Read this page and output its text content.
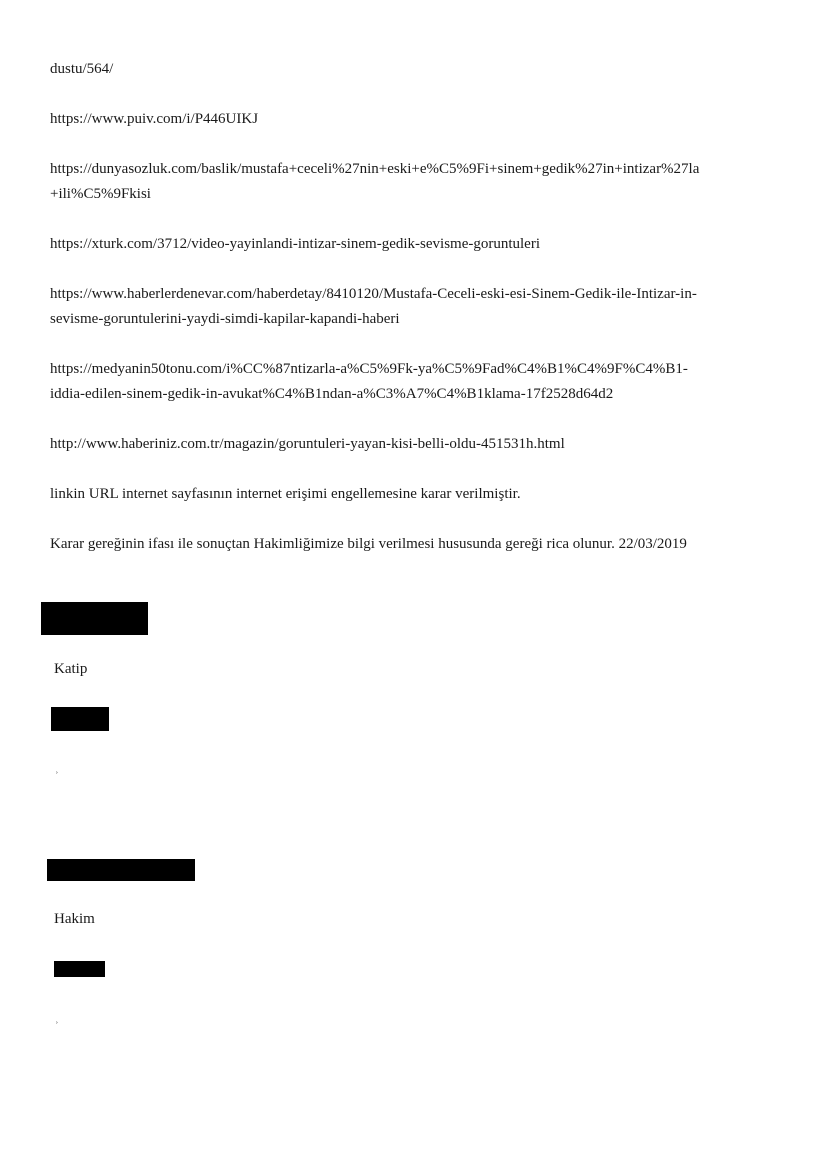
dustu/564/
https://www.puiv.com/i/P446UIKJ
https://dunyasozluk.com/baslik/mustafa+ceceli%27nin+eski+e%C5%9Fi+sinem+gedik%27in+intizar%27la
+ili%C5%9Fkisi
https://xturk.com/3712/video-yayinlandi-intizar-sinem-gedik-sevisme-goruntuleri
https://www.haberlerdenevar.com/haberdetay/8410120/Mustafa-Ceceli-eski-esi-Sinem-Gedik-ile-Intizar-in-
sevisme-goruntulerini-yaydi-simdi-kapilar-kapandi-haberi
https://medyanin50tonu.com/i%CC%87ntizarla-a%C5%9Fk-ya%C5%9Fad%C4%B1%C4%9F%C4%B1-
iddia-edilen-sinem-gedik-in-avukat%C4%B1ndan-a%C3%A7%C4%B1klama-17f2528d64d2
http://www.haberiniz.com.tr/magazin/goruntuleri-yayan-kisi-belli-oldu-451531h.html
linkin URL internet sayfasının internet erişimi engellemesine karar verilmiştir.
Karar gereğinin ifası ile sonuçtan Hakimliğimize bilgi verilmesi hususunda gereği rica olunur. 22/03/2019
Katip
ʾ
Hakim
ʾ
